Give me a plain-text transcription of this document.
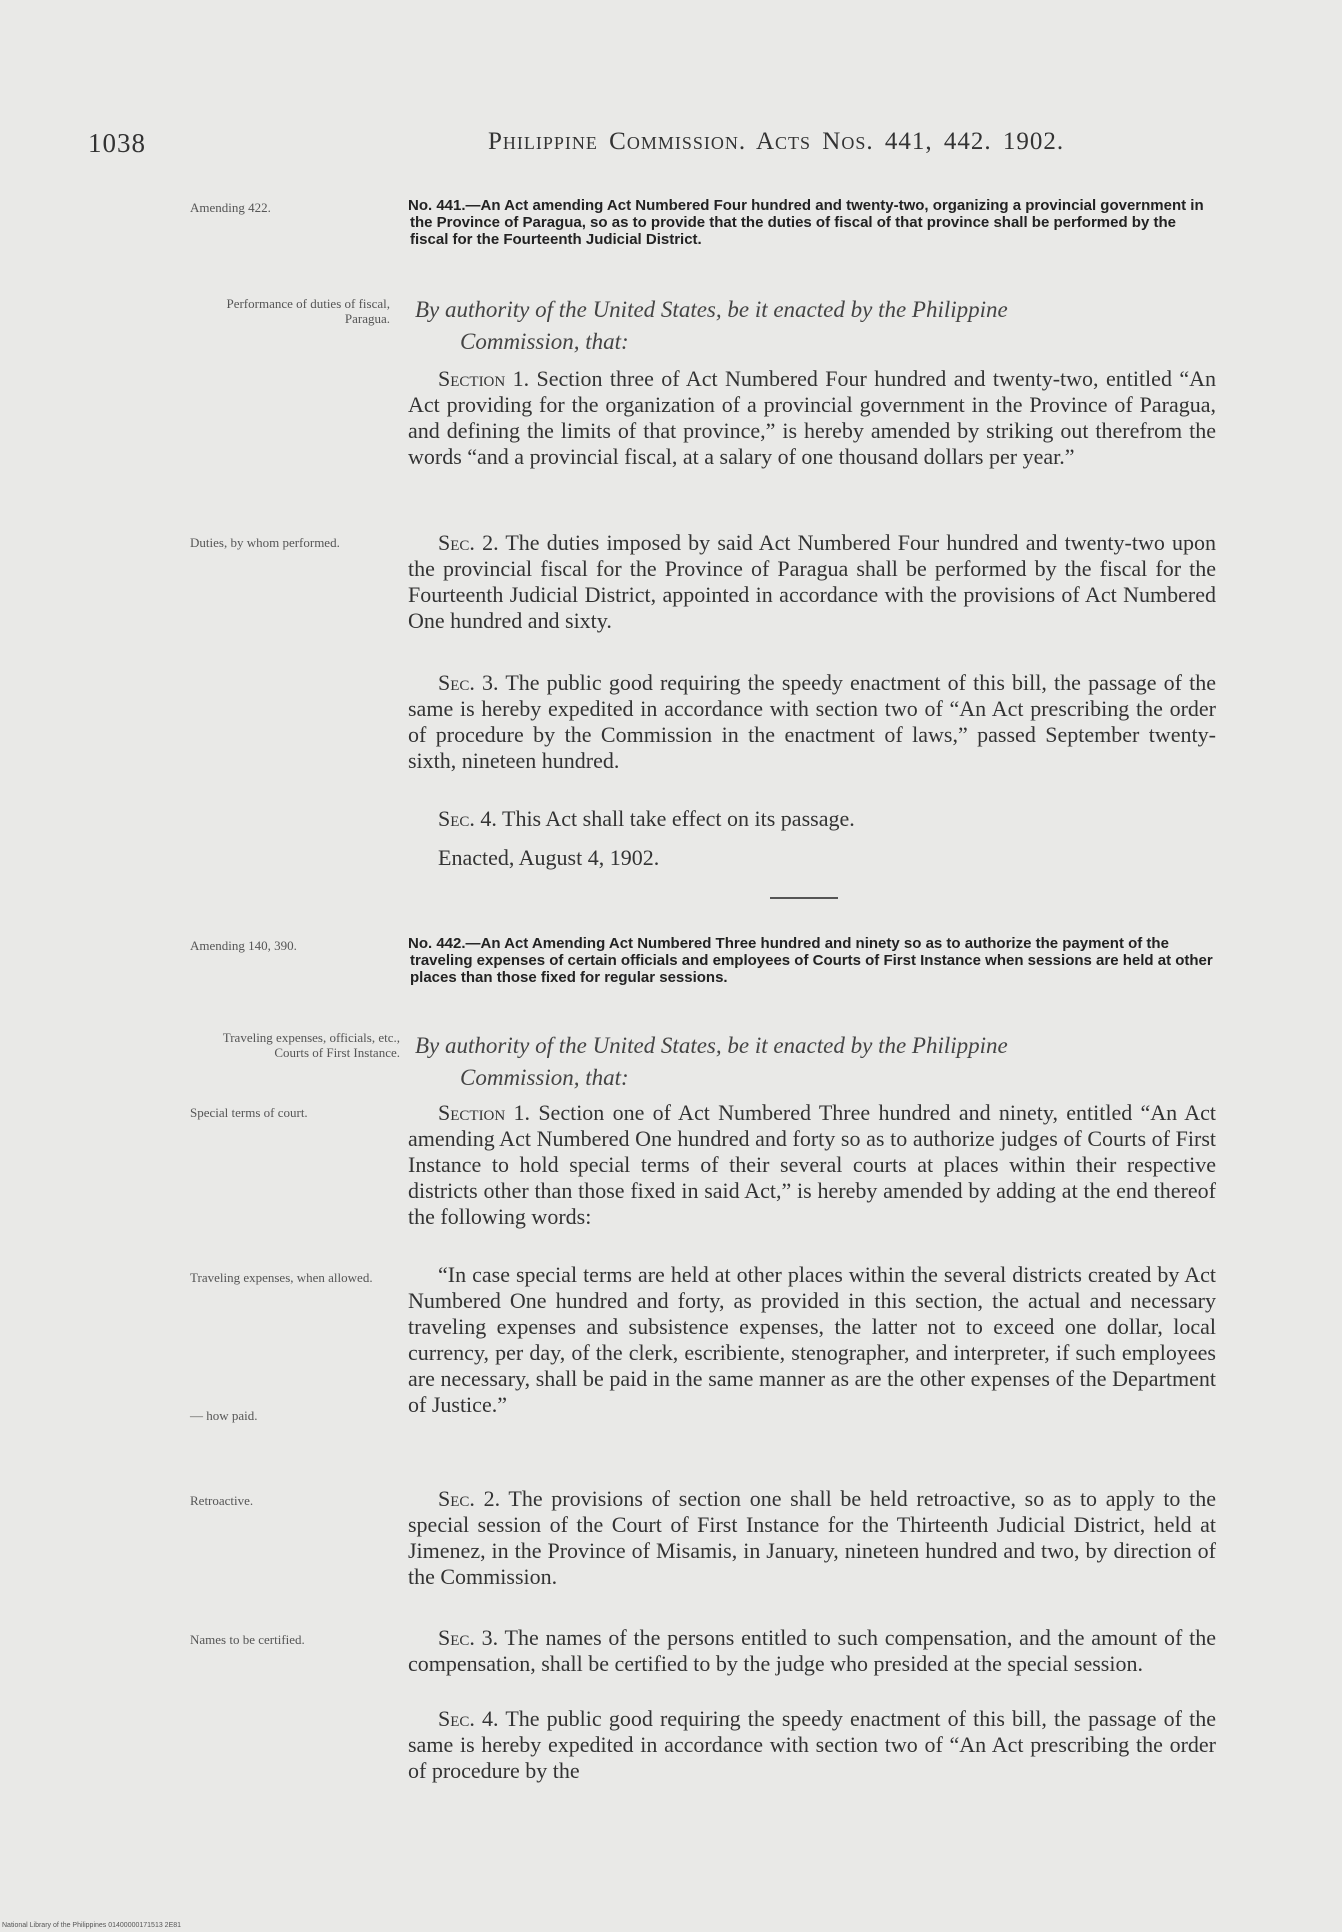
1038	Philippine Commission. Acts Nos. 441, 442. 1902.
Amending 422.	No. 441.—An Act amending Act Numbered Four hundred and twenty-two, organizing a provincial government in the Province of Paragua, so as to provide that the duties of fiscal of that province shall be performed by the fiscal for the Fourteenth Judicial District.
Performance of duties of fiscal, Paragua. By authority of the United States, be it enacted by the Philippine
Commission, that:
Section 1. Section three of Act Numbered Four hundred and twenty-two, entitled “An Act providing for the organization of a provincial government in the Province of Paragua, and defining the limits of that province,” is hereby amended by striking out therefrom the words “and a provincial fiscal, at a salary of one thousand dollars per year.”
Duties, by whom performed.	Sec. 2. The duties imposed by said Act Numbered Four hundred and twenty-two upon the provincial fiscal for the Province of Paragua shall be performed by the fiscal for the Fourteenth Judicial District, appointed in accordance with the provisions of Act Numbered One hundred and sixty.
Sec. 3. The public good requiring the speedy enactment of this bill, the passage of the same is hereby expedited in accordance with section two of “An Act prescribing the order of procedure by the Commission in the enactment of laws,” passed September twenty-sixth, nineteen hundred.
Sec. 4. This Act shall take effect on its passage.
Enacted, August 4, 1902.
Amending 140, 390.	No. 442.—An Act Amending Act Numbered Three hundred and ninety so as to authorize the payment of the traveling expenses of certain officials and employees of Courts of First Instance when sessions are held at other places than those fixed for regular sessions.
Traveling expenses, officials, etc., Courts of First Instance. By authority of the United States, be it enacted by the Philippine
Commission, that:
Special terms of court.	Section 1. Section one of Act Numbered Three hundred and ninety, entitled “An Act amending Act Numbered One hundred and forty so as to authorize judges of Courts of First Instance to hold special terms of their several courts at places within their respective districts other than those fixed in said Act,” is hereby amended by adding at the end thereof the following words:
Traveling expenses, when allowed.	“In case special terms are held at other places within the several districts created by Act Numbered One hundred and forty, as provided in this section, the actual and necessary traveling expenses and subsistence expenses, the latter not to exceed one dollar, local currency, per day, of the clerk, escribiente, stenographer, and interpreter, if such employees are necessary, shall be paid in the same manner as are the other expenses of the Department of Justice.”
— how paid.
Retroactive.	Sec. 2. The provisions of section one shall be held retroactive, so as to apply to the special session of the Court of First Instance for the Thirteenth Judicial District, held at Jimenez, in the Province of Misamis, in January, nineteen hundred and two, by direction of the Commission.
Names to be certified.	Sec. 3. The names of the persons entitled to such compensation, and the amount of the compensation, shall be certified to by the judge who presided at the special session.
Sec. 4. The public good requiring the speedy enactment of this bill, the passage of the same is hereby expedited in accordance with section two of “An Act prescribing the order of procedure by the
National Library of the Philippines 01400000171513 2E81
